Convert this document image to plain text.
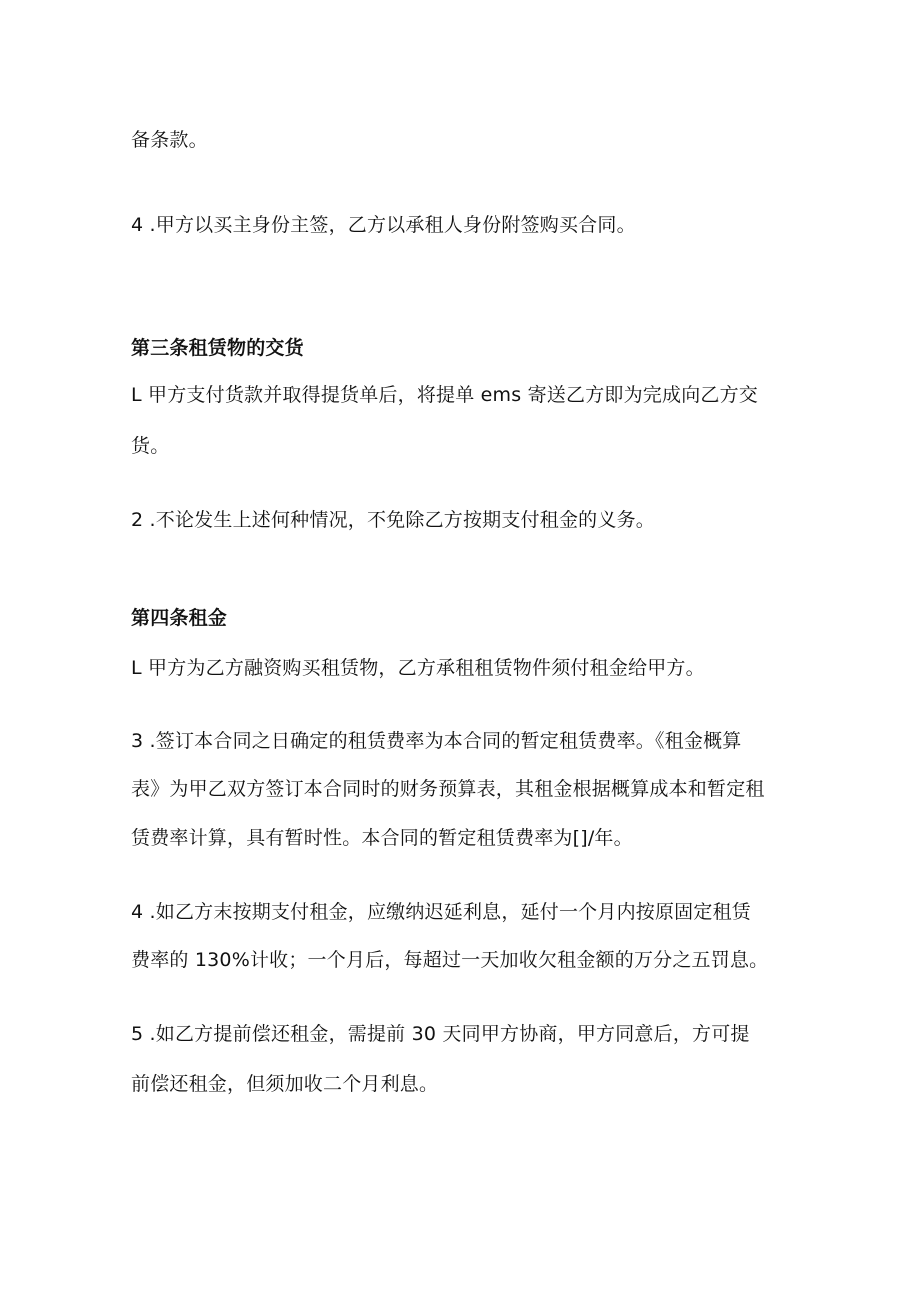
备条款。
4 .甲方以买主身份主签，乙方以承租人身份附签购买合同。
第三条租赁物的交货
L 甲方支付货款并取得提货单后，将提单 ems 寄送乙方即为完成向乙方交
货。
2 .不论发生上述何种情况，不免除乙方按期支付租金的义务。
第四条租金
L 甲方为乙方融资购买租赁物，乙方承租租赁物件须付租金给甲方。
3 .签订本合同之日确定的租赁费率为本合同的暂定租赁费率。《租金概算
表》为甲乙双方签订本合同时的财务预算表，其租金根据概算成本和暂定租
赁费率计算，具有暂时性。本合同的暂定租赁费率为[]/年。
4 .如乙方末按期支付租金，应缴纳迟延利息，延付一个月内按原固定租赁
费率的 130%计收；一个月后，每超过一天加收欠租金额的万分之五罚息。
5 .如乙方提前偿还租金，需提前 30 天同甲方协商，甲方同意后，方可提
前偿还租金，但须加收二个月利息。
